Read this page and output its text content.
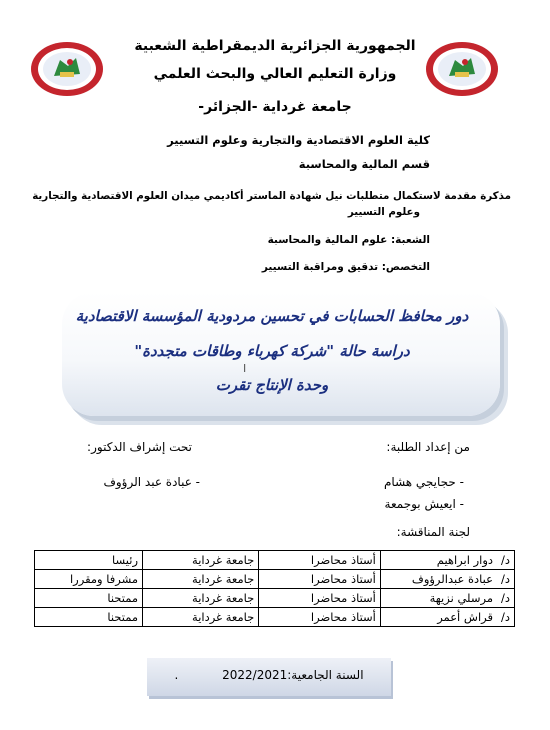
الجمهورية الجزائرية الديمقراطية الشعبية
وزارة التعليم العالي والبحث العلمي
جامعة غرداية -الجزائر-
كلية العلوم الاقتصادية والتجارية وعلوم التسيير
قسم المالية والمحاسبة
مذكرة مقدمة لاستكمال متطلبات نيل شهادة الماستر أكاديمي ميدان العلوم الاقتصادية والتجارية
وعلوم التسيير
الشعبة: علوم المالية والمحاسبة
التخصص: تدقيق ومراقبة التسيير
دور محافظ الحسابات في تحسين مردودية المؤسسة الاقتصادية
دراسة حالة "شركة كهرباء وطاقات متجددة"
وحدة الإنتاج تقرت
I
من إعداد الطلبة:
- حجايجي هشام
- ايعيش بوجمعة
تحت إشراف الدكتور:
- عبادة عبد الرؤوف
لجنة المناقشة:
د/
دوار ابراهيم	أستاذ محاضرا	جامعة غرداية	رئيسا

د/
عبادة عبدالرؤوف	أستاذ محاضرا	جامعة غرداية	مشرفا ومقررا

د/
مرسلي نزيهة	أستاذ محاضرا	جامعة غرداية	ممتحنا

د/
قراش أعمر	أستاذ محاضرا	جامعة غرداية	ممتحنا
.	2022/2021السنة الجامعية:
